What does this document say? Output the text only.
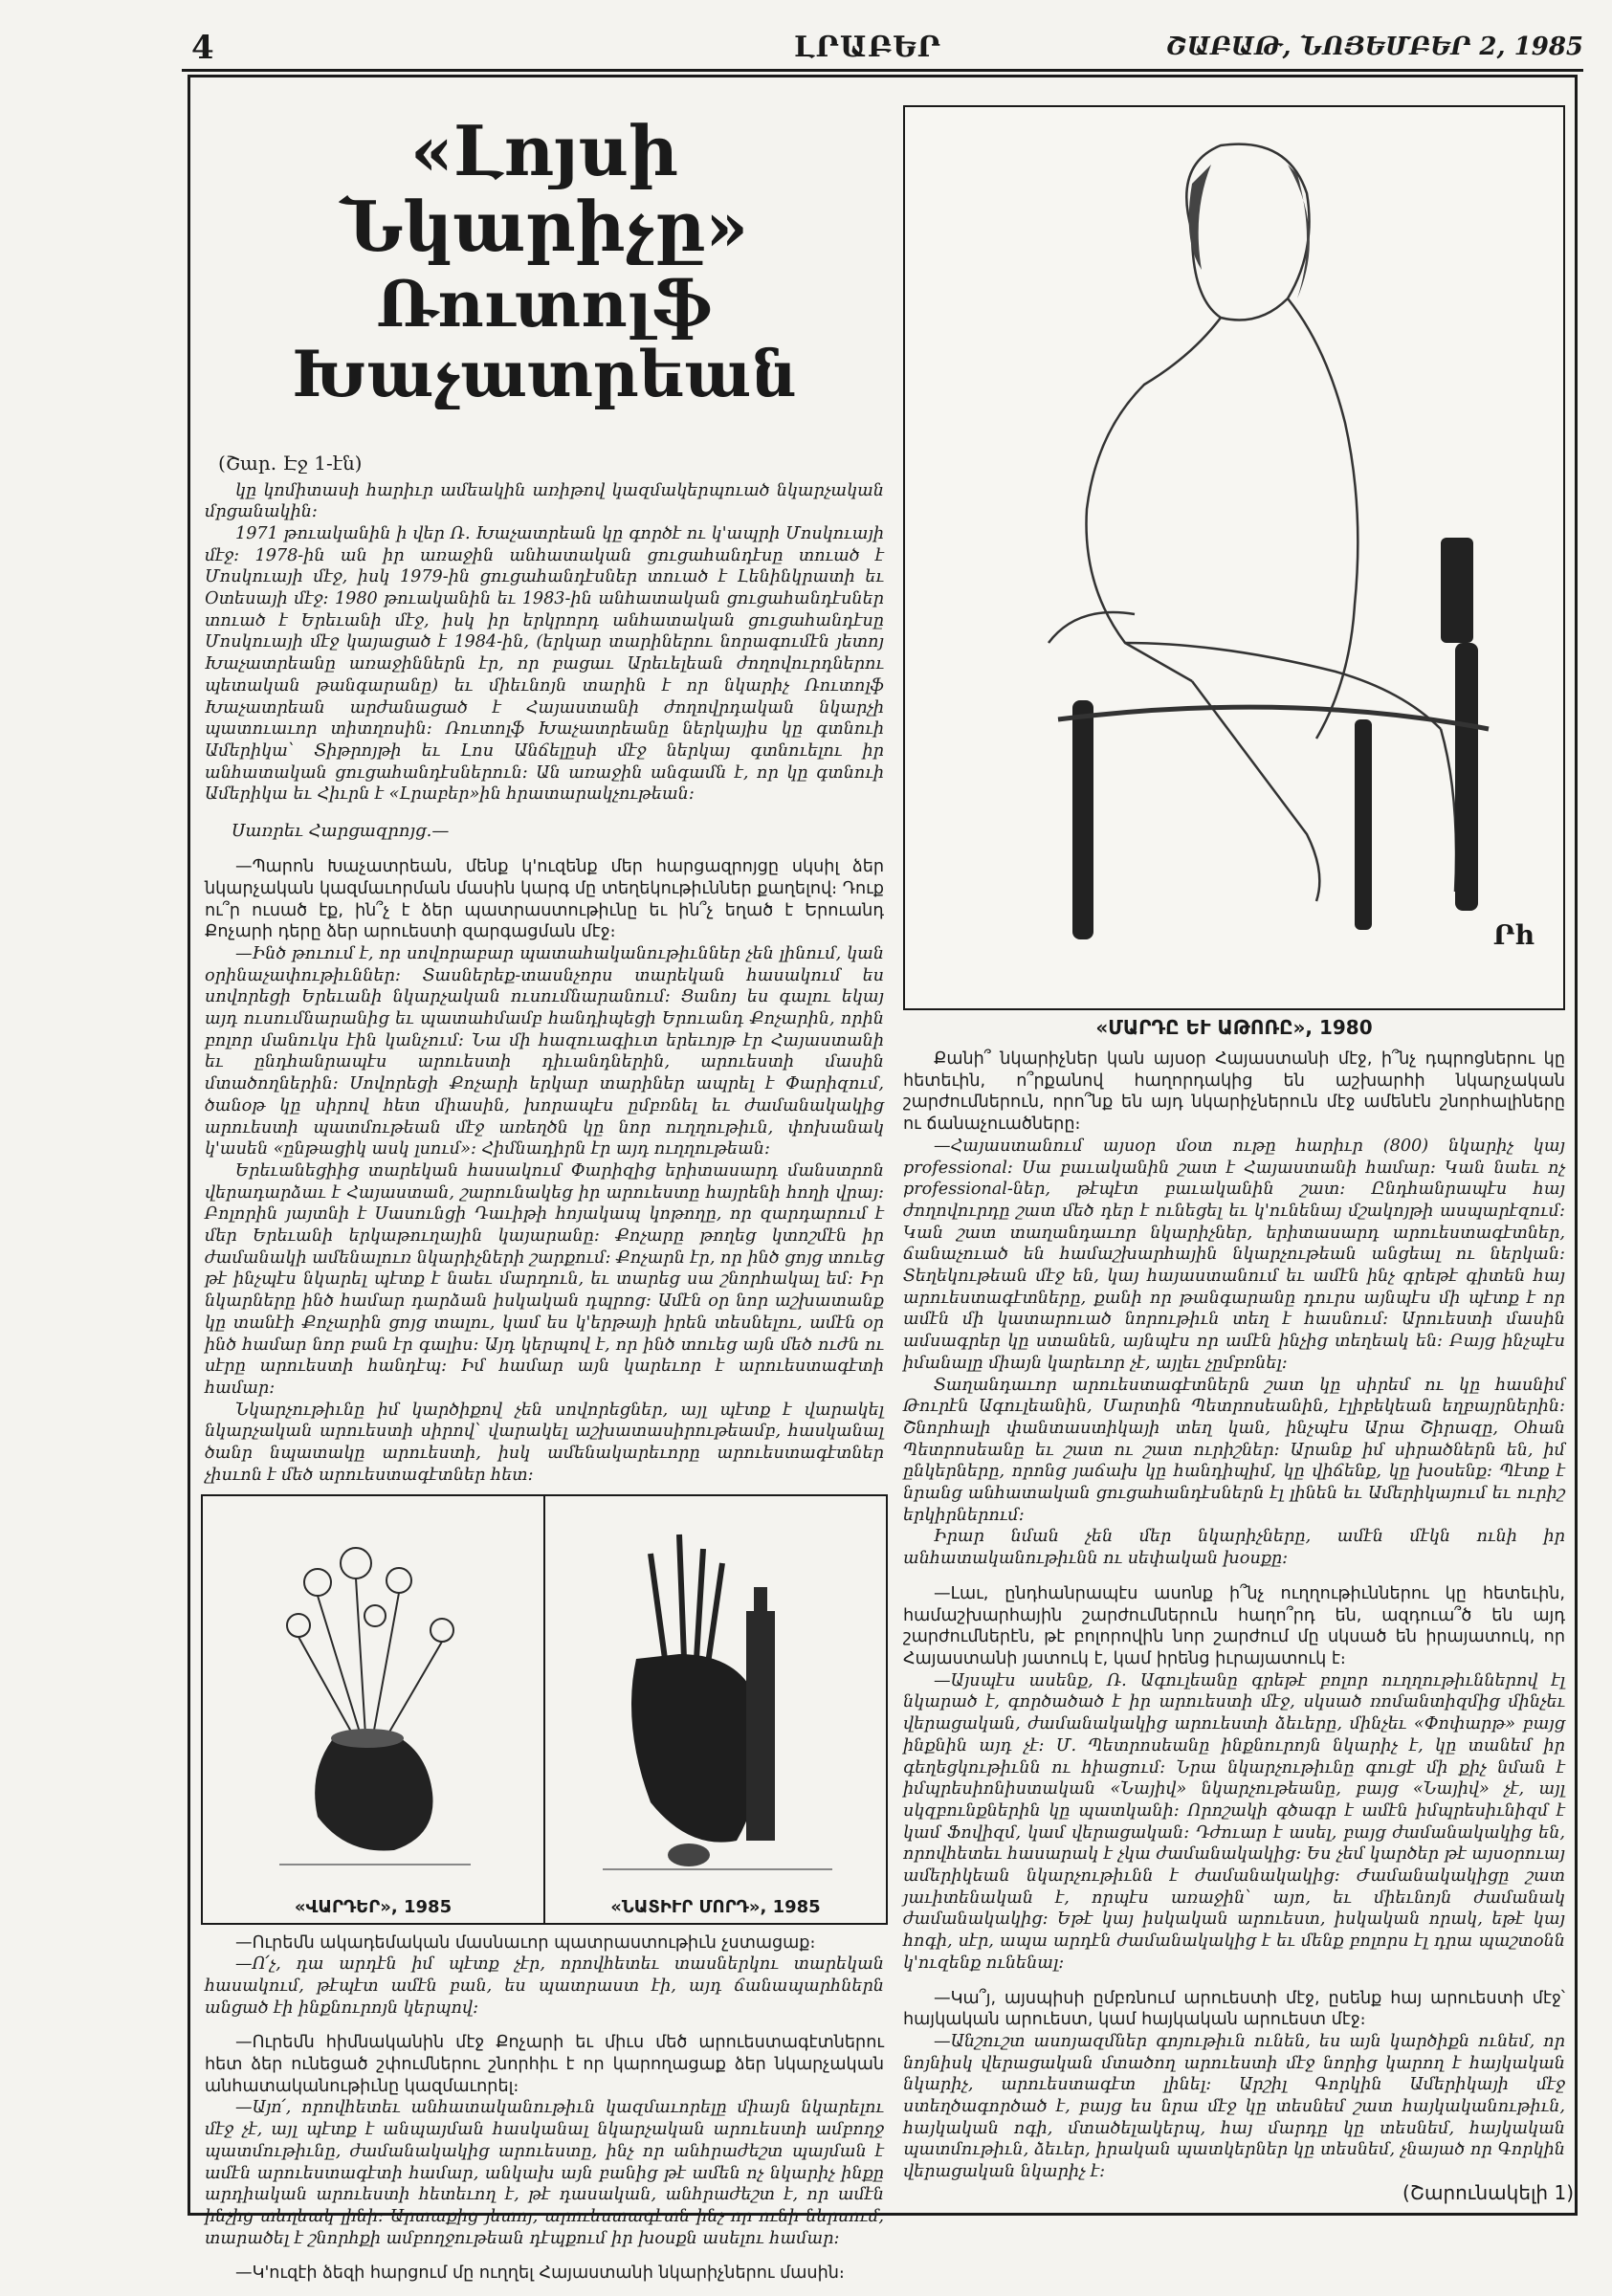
4	ԼՐԱԲԵՐ	ՇԱԲԱԹ, ՆՈՅԵՄԲԵՐ 2, 1985
«Լոյսի Նկարիչը»
Ռուտոլֆ Խաչատրեան
(Շար. Էջ 1-էն)

կը կոմիտասի հարիւր ամեակին առիթով կազմակերպուած նկարչական մրցանակին։

1971 թուականին ի վեր Ռ. Խաչատրեան կը գործէ ու կ'ապրի Մոսկուայի մէջ։ 1978-ին ան իր առաջին անհատական ցուցահանդէսը տուած է Մոսկուայի մէջ, իսկ 1979-ին ցուցահանդէսներ տուած է Լենինկրատի եւ Օտեսայի մէջ։ 1980 թուականին եւ 1983-ին անհատական ցուցահանդէսներ տուած է Երեւանի մէջ, իսկ իր երկրորդ անհատական ցուցահանդէսը Մոսկուայի մէջ կայացած է 1984-ին, (երկար տարիներու նորագումէն յետոյ Խաչատրեանը առաջիններն էր, որ բացաւ Արեւելեան ժողովուրդներու պետական թանգարանը) եւ միեւնոյն տարին է որ նկարիչ Ռուտոլֆ Խաչատրեան արժանացած է Հայաստանի ժողովրդական նկարչի պատուաւոր տիտղոսին։ Ռուտոլֆ Խաչատրեանը ներկայիս կը գտնուի Ամերիկա՝ Տիթրոյթի եւ Լոս Անճելըսի մէջ ներկայ գտնուելու իր անհատական ցուցահանդէսներուն։ Ան առաջին անգամն է, որ կը գտնուի Ամերիկա եւ Հիւրն է «Լրաբեր»ին հրատարակչութեան։

Սառրեւ Հարցազրոյց.—

—Պարոն Խաչատրեան, մենք կ'ուզենք մեր հարցազրոյցը սկսիլ ձեր նկարչական կազմաւորման մասին կարգ մը տեղեկութիւններ քաղելով։ Դուք ու՞ր ուսած էք, ին՞չ է ձեր պատրաստութիւնը եւ ին՞չ եղած է Երուանդ Քոչարի դերը ձեր արուեստի զարգացման մէջ։

—Ինծ թուում է, որ սովորաբար պատահականութիւններ չեն լինում, կան օրինաչափութիւններ։ Տասներեք-տասնչորս տարեկան հասակում ես սովորեցի Երեւանի նկարչական ուսումնարանում։ Ցանոյ ես գալու եկայ այդ ուսումնարանից եւ պատահմամբ հանդիպեցի Երուանդ Քոչարին, որին բոլոր մանուկս էին կանչում։ Նա մի հազուագիւտ երեւոյթ էր Հայաստանի եւ ընդհանրապէս արուեստի դիւանդներին, արուեստի մասին մտածողներին։ Սովորեցի Քոչարի երկար տարիներ ապրել է Փարիզում, ծանօթ կը սիրով հետ միասին, խորապէս ըմբռնել եւ ժամանակակից արուեստի պատմութեան մէջ առեղծն կը նոր ուղղութիւն, փոխանակ կ'ասեն «ընթացիկ ասկ լսում»։ Հիմնադիրն էր այդ ուղղութեան։

Երեւանեցիից տարեկան հասակում Փարիզից երիտասարդ մանստրոն վերադարձաւ է Հայաստան, շարունակեց իր արուեստը հայրենի հողի վրայ։ Բոլորին յայտնի է Սասունցի Դաւիթի հոյակապ կոթողը, որ զարդարում է մեր Երեւանի երկաթուղային կայարանը։ Քոչարը թողեց կտոշմէն իր ժամանակի ամենալուռ նկարիչների շարքում։ Քոչարն էր, որ ինծ ցոյց տուեց թէ ինչպէս նկարել պէտք է նաեւ մարդուն, եւ տարեց սա շնորհակալ եմ։ Իր նկարները ինծ համար դարձան իսկական դպրոց։ Ամէն օր նոր աշխատանք կը տանէի Քոչարին ցոյց տալու, կամ ես կ'երթայի իրեն տեսնելու, ամէն օր ինծ համար նոր բան էր գալիս։ Այդ կերպով է, որ ինծ տուեց այն մեծ ուժն ու սէրը արուեստի հանդէպ։ Իմ համար այն կարեւոր է արուեստագէտի համար։

Նկարչութիւնը իմ կարծիքով չեն սովորեցներ, այլ պէտք է վարակել նկարչական արուեստի սիրով՝ վարակել աշխատասիրութեամբ, հասկանալ ծանր նպատակը արուեստի, իսկ ամենակարեւորը արուեստագէտներ չիսւոն է մեծ արուեստագէտներ հետ։

«ՎԱՐԴԵՐ», 1985	«ՆԱՏԻՒՐ ՄՈՐԴ», 1985

—Ուրեմն ակադեմական մասնաւոր պատրաստութիւն չստացաք։

—Ո՛չ, դա արդէն իմ պէտք չէր, որովհետեւ տասներկու տարեկան հասակում, թէպէտ ամէն բան, ես պատրաստ էի, այդ ճանապարհներն անցած էի ինքնուրոյն կերպով։

—Ուրեմն հիմնականին մէջ Քոչարի եւ միւս մեծ արուեստագէտներու հետ ձեր ունեցած շփումներու շնորհիւ է որ կարողացաք ձեր նկարչական անհատականութիւնը կազմաւորել։

—Այո՛, որովհետեւ անհատականութիւն կազմաւորելը միայն նկարելու մէջ չէ, այլ պէտք է անպայման հասկանալ նկարչական արուեստի ամբողջ պատմութիւնը, ժամանակակից արուեստը, ինչ որ անհրաժեշտ պայման է ամէն արուեստագէտի համար, անկախ այն բանից թէ ամեն ոչ նկարիչ ինքը արդիական արուեստի հետեւող է, թէ դասական, անհրաժեշտ է, որ ամէն ինչից տեղեակ լինի։ Արտաքից յետոյ, արուեստագէտն ինչ որ ունի ներսում, տարածել է շնորհքի ամբողջութեան դէպքում իր խօսքն ասելու համար։

—Կ'ուզէի ձեզի հարցում մը ուղղել Հայաստանի նկարիչներու մասին։

Րհ
«ՄԱՐԴԸ ԵՒ ԱԹՈՌԸ», 1980

Քանի՞ նկարիչներ կան այսօր Հայաստանի մէջ, ի՞նչ դպրոցներու կը հետեւին, ո՞րքանով հաղորդակից են աշխարհի նկարչական շարժումներուն, որո՞նք են այդ նկարիչներուն մէջ ամենէն շնորհալիները ու ճանաչուածները։

—Հայաստանում այսօր մօտ ութը հարիւր (800) նկարիչ կայ professional։ Սա բաւականին շատ է Հայաստանի համար։ Կան նաեւ ոչ professional-ներ, թէպէտ բաւականին շատ։ Ընդհանրապէս հայ ժողովուրդը շատ մեծ դեր է ունեցել եւ կ'ունենայ մշակոյթի ասպարէզում։ Կան շատ տաղանդաւոր նկարիչներ, երիտասարդ արուեստագէտներ, ճանաչուած են համաշխարհային նկարչութեան անցեալ ու ներկան։ Տեղեկութեան մէջ են, կայ հայաստանում եւ ամէն ինչ գրեթէ գիտեն հայ արուեստագէտները, քանի որ թանգարանը դուրս այնպէս մի պէտք է որ ամէն մի կատարուած նորութիւն տեղ է հասնում։ Արուեստի մասին ամսագրեր կը ստանեն, այնպէս որ ամէն ինչից տեղեակ են։ Բայց ինչպէս իմանալը միայն կարեւոր չէ, այլեւ չըմբռնել։

Տաղանդաւոր արուեստագէտներն շատ կը սիրեմ ու կը հասնիմ Թուրէն Ագուլեանին, Մարտին Պետրոսեանին, էլիբեկեան եղբայրներին։ Շնորհալի փանտաստիկայի տեղ կան, ինչպէս Արա Շիրազը, Օհան Պետրոսեանը եւ շատ ու շատ ուրիշներ։ Արանք իմ սիրածներն են, իմ ընկերները, որոնց յաճախ կը հանդիպիմ, կը վիճենք, կը խօսենք։ Պէտք է նրանց անհատական ցուցահանդէսներն էլ լինեն եւ Ամերիկայում եւ ուրիշ երկիրներում։

Իրար նման չեն մեր նկարիչները, ամէն մէկն ունի իր անհատականութիւնն ու սեփական խօսքը։

—Լաւ, ընդհանրապէս ասոնք ի՞նչ ուղղութիւններու կը հետեւին, համաշխարհային շարժումներուն հաղո՞րդ են, ազդուա՞ծ են այդ շարժումներէն, թէ բոլորովին նոր շարժում մը սկսած են իրայատուկ, որ Հայաստանի յատուկ է, կամ իրենց իւրայատուկ է։

—Այսպէս ասենք, Ռ. Ագուլեանը գրեթէ բոլոր ուղղութիւններով էլ նկարած է, գործածած է իր արուեստի մէջ, սկսած ռոմանտիզմից մինչեւ վերացական, ժամանակակից արուեստի ձեւերը, մինչեւ «Փոփարթ» բայց ինքնին այդ չէ։ Մ. Պետրոսեանը ինքնուրոյն նկարիչ է, կը տանեմ իր գեղեցկութիւնն ու հիացում։ Նրա նկարչութիւնը գուցէ մի քիչ նման է իմպրեսիոնիստական «Նայիվ» նկարչութեանը, բայց «Նայիվ» չէ, այլ սկզբունքներին կը պատկանի։ Որոշակի գծագր է ամէն իմպրեսիւնիզմ է կամ Ֆովիզմ, կամ վերացական։ Դժուար է ասել, բայց ժամանակակից են, որովհետեւ հասարակ է չկա ժամանակակից։ Ես չեմ կարծեր թէ այսօրուայ ամերիկեան նկարչութիւնն է ժամանակակից։ Ժամանակակիցը շատ յաւիտենական է, որպէս առաջին՝ այո, եւ միեւնոյն ժամանակ ժամանակակից։ Եթէ կայ իսկական արուեստ, իսկական որակ, եթէ կայ հոգի, սէր, ապա արդէն ժամանակակից է եւ մենք բոլորս էլ դրա պաշտօնն կ'ուզենք ունենալ։

—Կա՞յ, այսպիսի ըմբռնում արուեստի մէջ, ըսենք հայ արուեստի մէջ՝ հայկական արուեստ, կամ հայկական արուեստ մէջ։

—Անշուշտ ասոյազմներ գոյութիւն ունեն, ես այն կարծիքն ունեմ, որ նոյնիսկ վերացական մտածող արուեստի մէջ նորից կարող է հայկական նկարիչ, արուեստագէտ լինել։ Արշիլ Գորկին Ամերիկայի մէջ ստեղծագործած է, բայց ես նրա մէջ կը տեսնեմ շատ հայկականութիւն, հայկական ոգի, մտածելակերպ, հայ մարդը կը տեսնեմ, հայկական պատմութիւն, ձեւեր, իրական պատկերներ կը տեսնեմ, չնայած որ Գորկին վերացական նկարիչ է։

(Շարունակելի 1)
